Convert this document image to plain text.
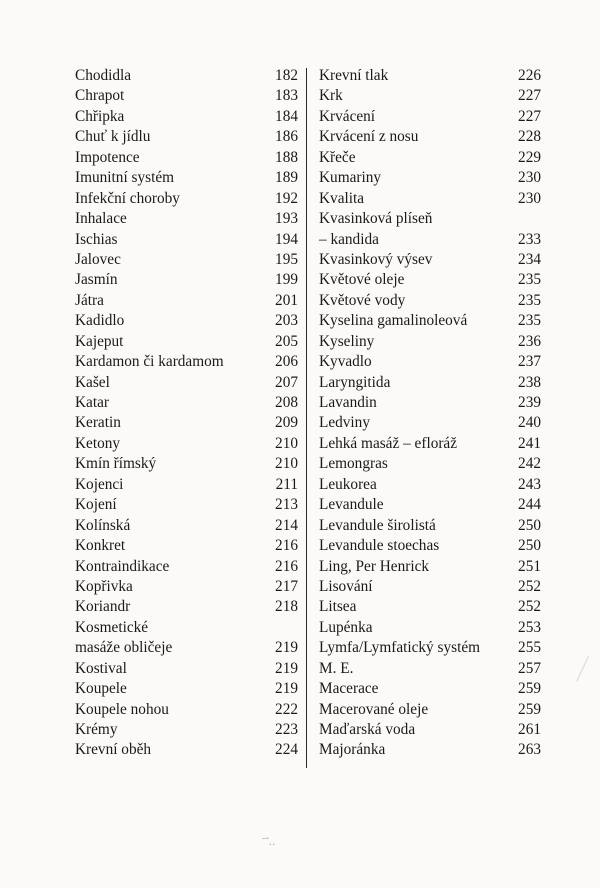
Chodidla	182
Chrapot	183
Chřipka	184
Chuť k jídlu	186
Impotence	188
Imunitní systém	189
Infekční choroby	192
Inhalace	193
Ischias	194
Jalovec	195
Jasmín	199
Játra	201
Kadidlo	203
Kajeput	205
Kardamon či kardamom	206
Kašel	207
Katar	208
Keratin	209
Ketony	210
Kmín římský	210
Kojenci	211
Kojení	213
Kolínská	214
Konkret	216
Kontraindikace	216
Kopřivka	217
Koriandr	218
Kosmetické
masáže obličeje	219
Kostival	219
Koupele	219
Koupele nohou	222
Krémy	223
Krevní oběh	224
Krevní tlak	226
Krk	227
Krvácení	227
Krvácení z nosu	228
Křeče	229
Kumariny	230
Kvalita	230
Kvasinková plíseň
– kandida	233
Kvasinkový výsev	234
Květové oleje	235
Květové vody	235
Kyselina gamalinoleová	235
Kyseliny	236
Kyvadlo	237
Laryngitida	238
Lavandin	239
Ledviny	240
Lehká masáž – efloráž	241
Lemongras	242
Leukorea	243
Levandule	244
Levandule širolistá	250
Levandule stoechas	250
Ling, Per Henrick	251
Lisování	252
Litsea	252
Lupénka	253
Lymfa/Lymfatický systém	255
M. E.	257
Macerace	259
Macerované oleje	259
Maďarská voda	261
Majoránka	263
˜ˇ‥
